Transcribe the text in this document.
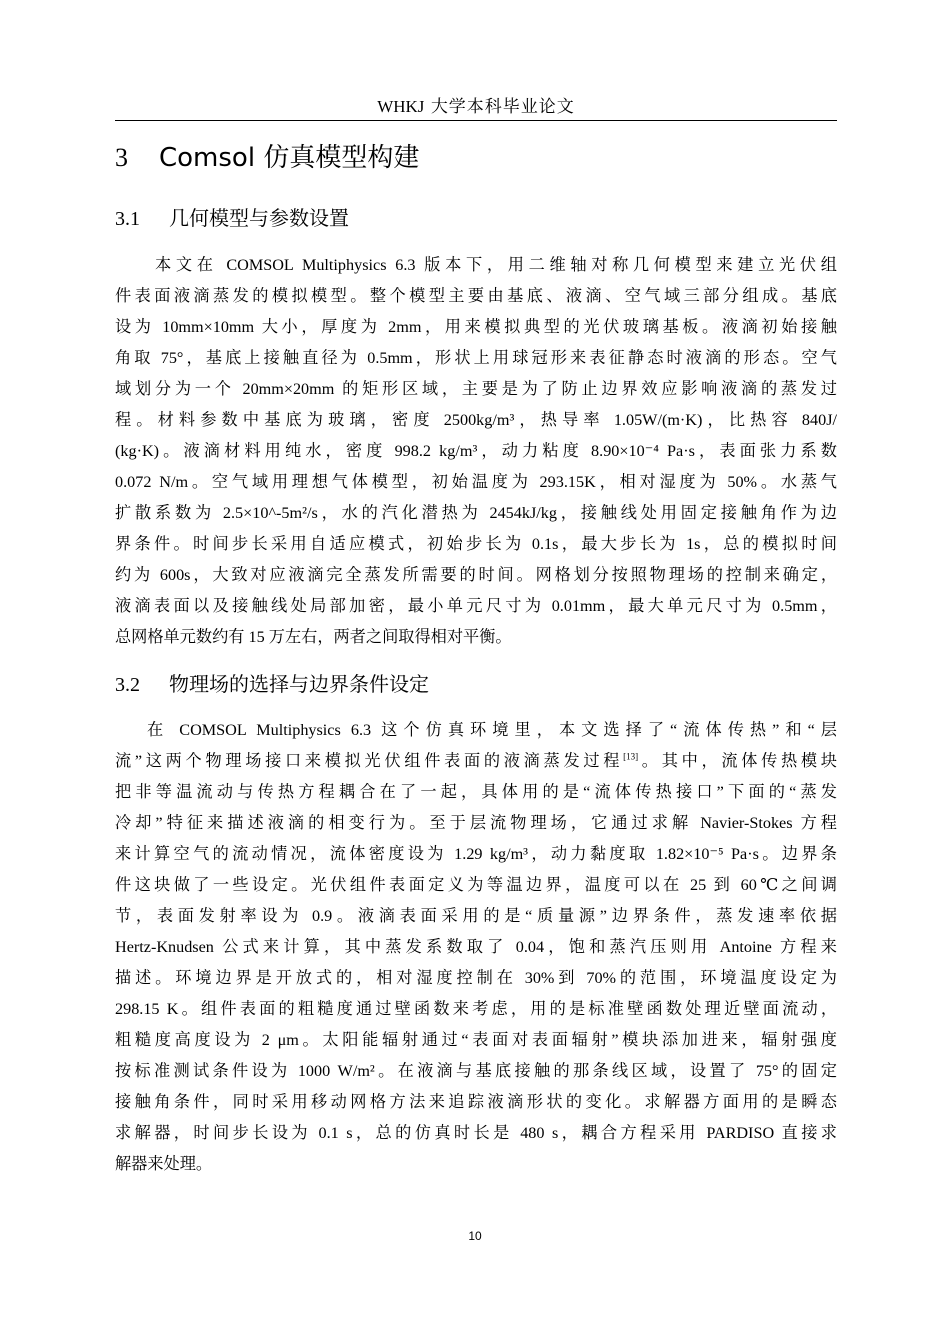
WHKJ 大学本科毕业论文
3 Comsol 仿真模型构建
3.1 几何模型与参数设置
本文在 COMSOL Multiphysics 6.3 版本下，用二维轴对称几何模型来建立光伏组
件表面液滴蒸发的模拟模型。整个模型主要由基底、液滴、空气域三部分组成。基底
设为 10mm×10mm 大小，厚度为 2mm，用来模拟典型的光伏玻璃基板。液滴初始接触
角取 75°，基底上接触直径为 0.5mm，形状上用球冠形来表征静态时液滴的形态。空气
域划分为一个 20mm×20mm 的矩形区域，主要是为了防止边界效应影响液滴的蒸发过
程。材料参数中基底为玻璃，密度 2500kg/m³，热导率 1.05W/(m·K)，比热容 840J/
(kg·K)。液滴材料用纯水，密度 998.2 kg/m³，动力粘度 8.90×10⁻⁴ Pa·s，表面张力系数
0.072 N/m。空气域用理想气体模型，初始温度为 293.15K，相对湿度为 50%。水蒸气
扩散系数为 2.5×10^-5m²/s，水的汽化潜热为 2454kJ/kg，接触线处用固定接触角作为边
界条件。时间步长采用自适应模式，初始步长为 0.1s，最大步长为 1s，总的模拟时间
约为 600s，大致对应液滴完全蒸发所需要的时间。网格划分按照物理场的控制来确定，
液滴表面以及接触线处局部加密，最小单元尺寸为 0.01mm，最大单元尺寸为 0.5mm，
总网格单元数约有 15 万左右，两者之间取得相对平衡。
3.2 物理场的选择与边界条件设定
在 COMSOL Multiphysics 6.3 这个仿真环境里，本文选择了“流体传热”和“层
流”这两个物理场接口来模拟光伏组件表面的液滴蒸发过程[13]。其中，流体传热模块
把非等温流动与传热方程耦合在了一起，具体用的是“流体传热接口”下面的“蒸发
冷却”特征来描述液滴的相变行为。至于层流物理场，它通过求解 Navier-Stokes 方程
来计算空气的流动情况，流体密度设为 1.29 kg/m³，动力黏度取 1.82×10⁻⁵ Pa·s。边界条
件这块做了一些设定。光伏组件表面定义为等温边界，温度可以在 25 到 60℃之间调
节，表面发射率设为 0.9。液滴表面采用的是“质量源”边界条件，蒸发速率依据
Hertz-Knudsen 公式来计算，其中蒸发系数取了 0.04，饱和蒸汽压则用 Antoine 方程来
描述。环境边界是开放式的，相对湿度控制在 30%到 70%的范围，环境温度设定为
298.15 K。组件表面的粗糙度通过壁函数来考虑，用的是标准壁函数处理近壁面流动，
粗糙度高度设为 2 μm。太阳能辐射通过“表面对表面辐射”模块添加进来，辐射强度
按标准测试条件设为 1000 W/m²。在液滴与基底接触的那条线区域，设置了 75°的固定
接触角条件，同时采用移动网格方法来追踪液滴形状的变化。求解器方面用的是瞬态
求解器，时间步长设为 0.1 s，总的仿真时长是 480 s，耦合方程采用 PARDISO 直接求
解器来处理。
10
